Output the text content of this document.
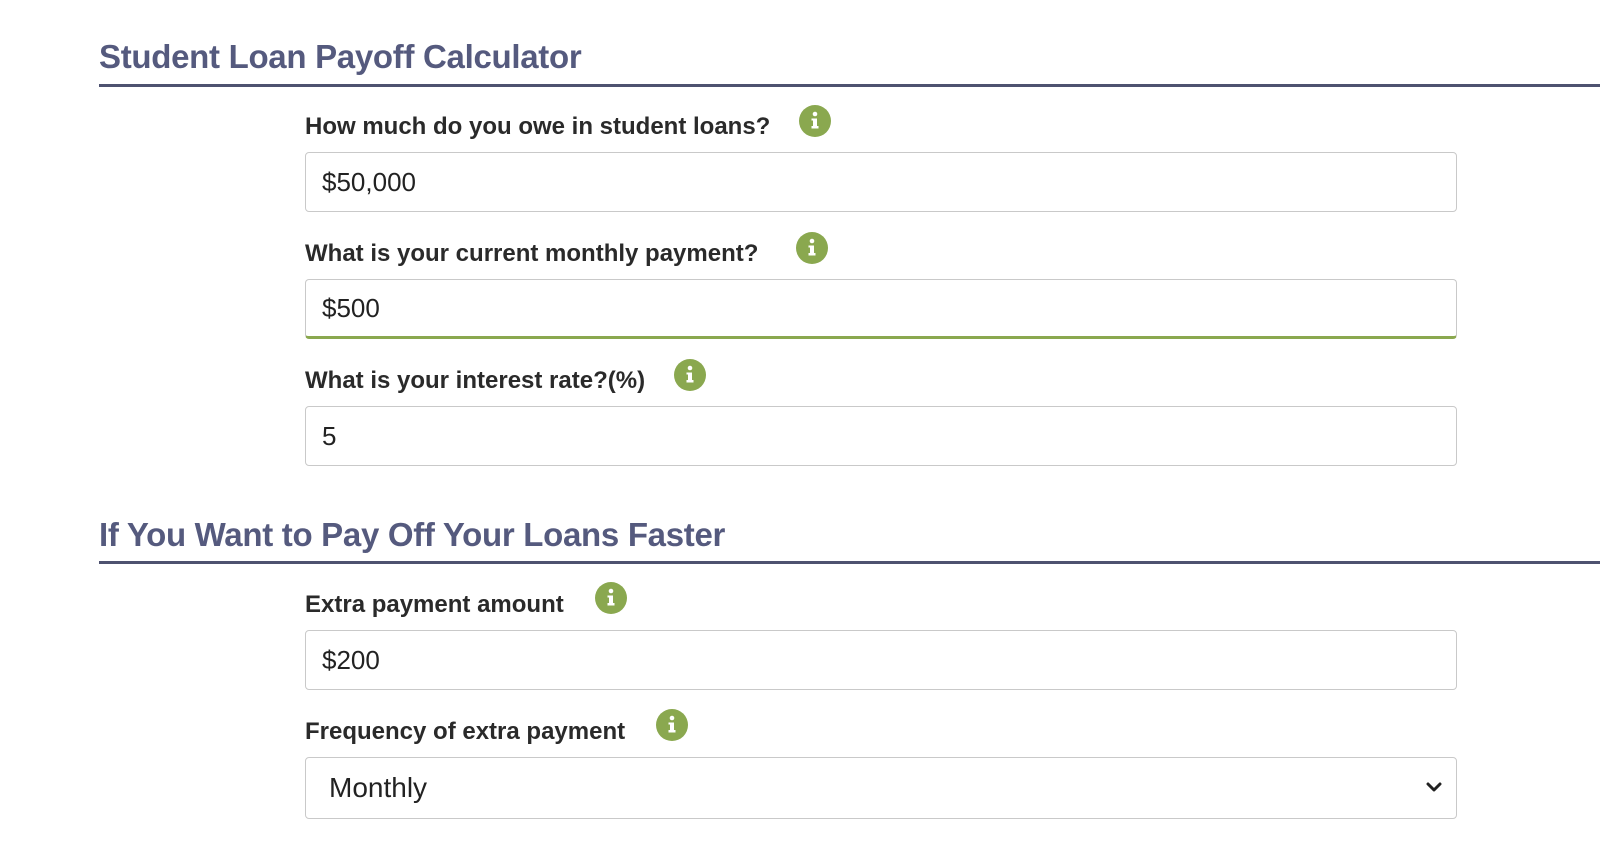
Student Loan Payoff Calculator
How much do you owe in student loans?
$50,000
What is your current monthly payment?
$500
What is your interest rate?(%)
5
If You Want to Pay Off Your Loans Faster
Extra payment amount
$200
Frequency of extra payment
Monthly
